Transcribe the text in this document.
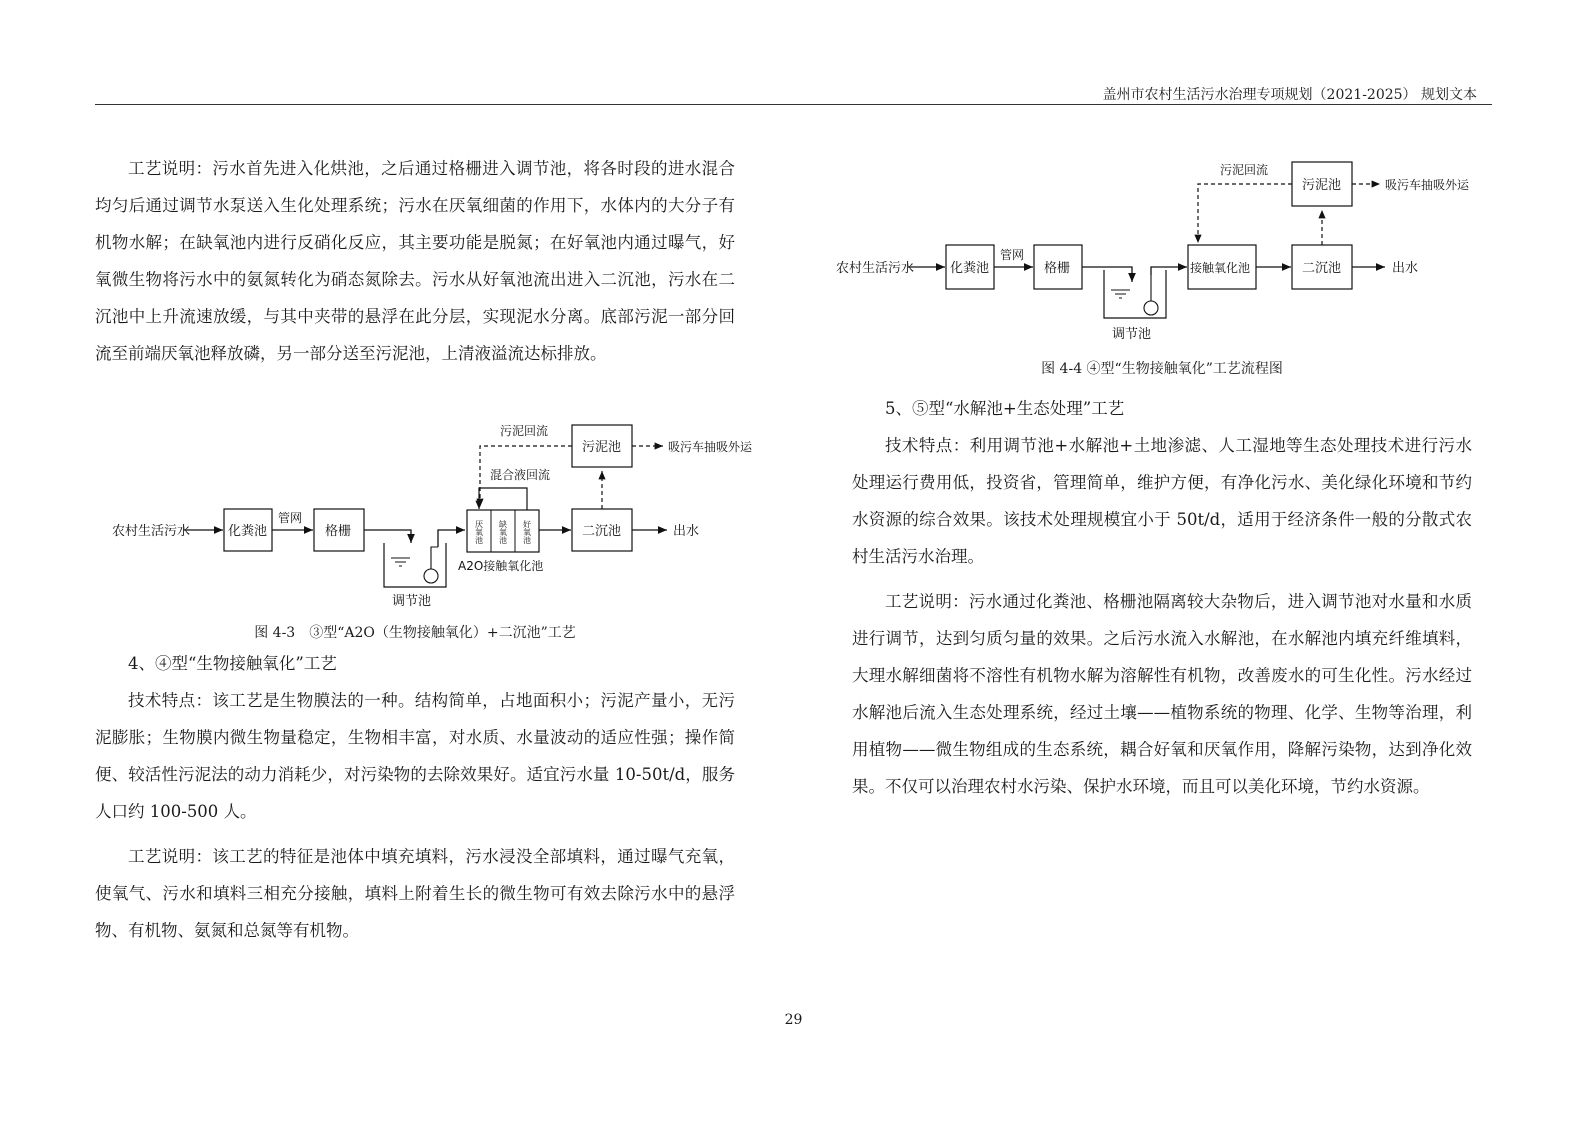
盖州市农村生活污水治理专项规划（2021-2025） 规划文本

工艺说明：污水首先进入化烘池，之后通过格栅进入调节池，将各时段的进水混合均匀后通过调节水泵送入生化处理系统；污水在厌氧细菌的作用下，水体内的大分子有机物水解；在缺氧池内进行反硝化反应，其主要功能是脱氮；在好氧池内通过曝气，好氧微生物将污水中的氨氮转化为硝态氮除去。污水从好氧池流出进入二沉池，污水在二沉池中上升流速放缓，与其中夹带的悬浮在此分层，实现泥水分离。底部污泥一部分回流至前端厌氧池释放磷，另一部分送至污泥池，上清液溢流达标排放。

农村生活污水	化粪池
管网
格栅
调节池
厌氧池 缺氧池 好氧池
A2O接触氧化池
混合液回流
二沉池	出水
污泥池	吸污车抽吸外运
污泥回流
图 4-3　③型“A2O（生物接触氧化）+二沉池”工艺
4、④型“生物接触氧化”工艺

技术特点：该工艺是生物膜法的一种。结构简单，占地面积小；污泥产量小，无污泥膨胀；生物膜内微生物量稳定，生物相丰富，对水质、水量波动的适应性强；操作简便、较活性污泥法的动力消耗少，对污染物的去除效果好。适宜污水量 10-50t/d，服务人口约 100-500 人。

工艺说明：该工艺的特征是池体中填充填料，污水浸没全部填料，通过曝气充氧，使氧气、污水和填料三相充分接触，填料上附着生长的微生物可有效去除污水中的悬浮物、有机物、氨氮和总氮等有机物。

农村生活污水	化粪池
管网
格栅
调节池
接触氧化池	二沉池	出水
污泥池	吸污车抽吸外运
污泥回流
图 4-4 ④型“生物接触氧化”工艺流程图
5、⑤型“水解池+生态处理”工艺

技术特点：利用调节池+水解池+土地渗滤、人工湿地等生态处理技术进行污水处理运行费用低，投资省，管理简单，维护方便，有净化污水、美化绿化环境和节约水资源的综合效果。该技术处理规模宜小于 50t/d，适用于经济条件一般的分散式农村生活污水治理。

工艺说明：污水通过化粪池、格栅池隔离较大杂物后，进入调节池对水量和水质进行调节，达到匀质匀量的效果。之后污水流入水解池，在水解池内填充纤维填料，大理水解细菌将不溶性有机物水解为溶解性有机物，改善废水的可生化性。污水经过水解池后流入生态处理系统，经过土壤——植物系统的物理、化学、生物等治理，利用植物——微生物组成的生态系统，耦合好氧和厌氧作用，降解污染物，达到净化效果。不仅可以治理农村水污染、保护水环境，而且可以美化环境，节约水资源。

29
